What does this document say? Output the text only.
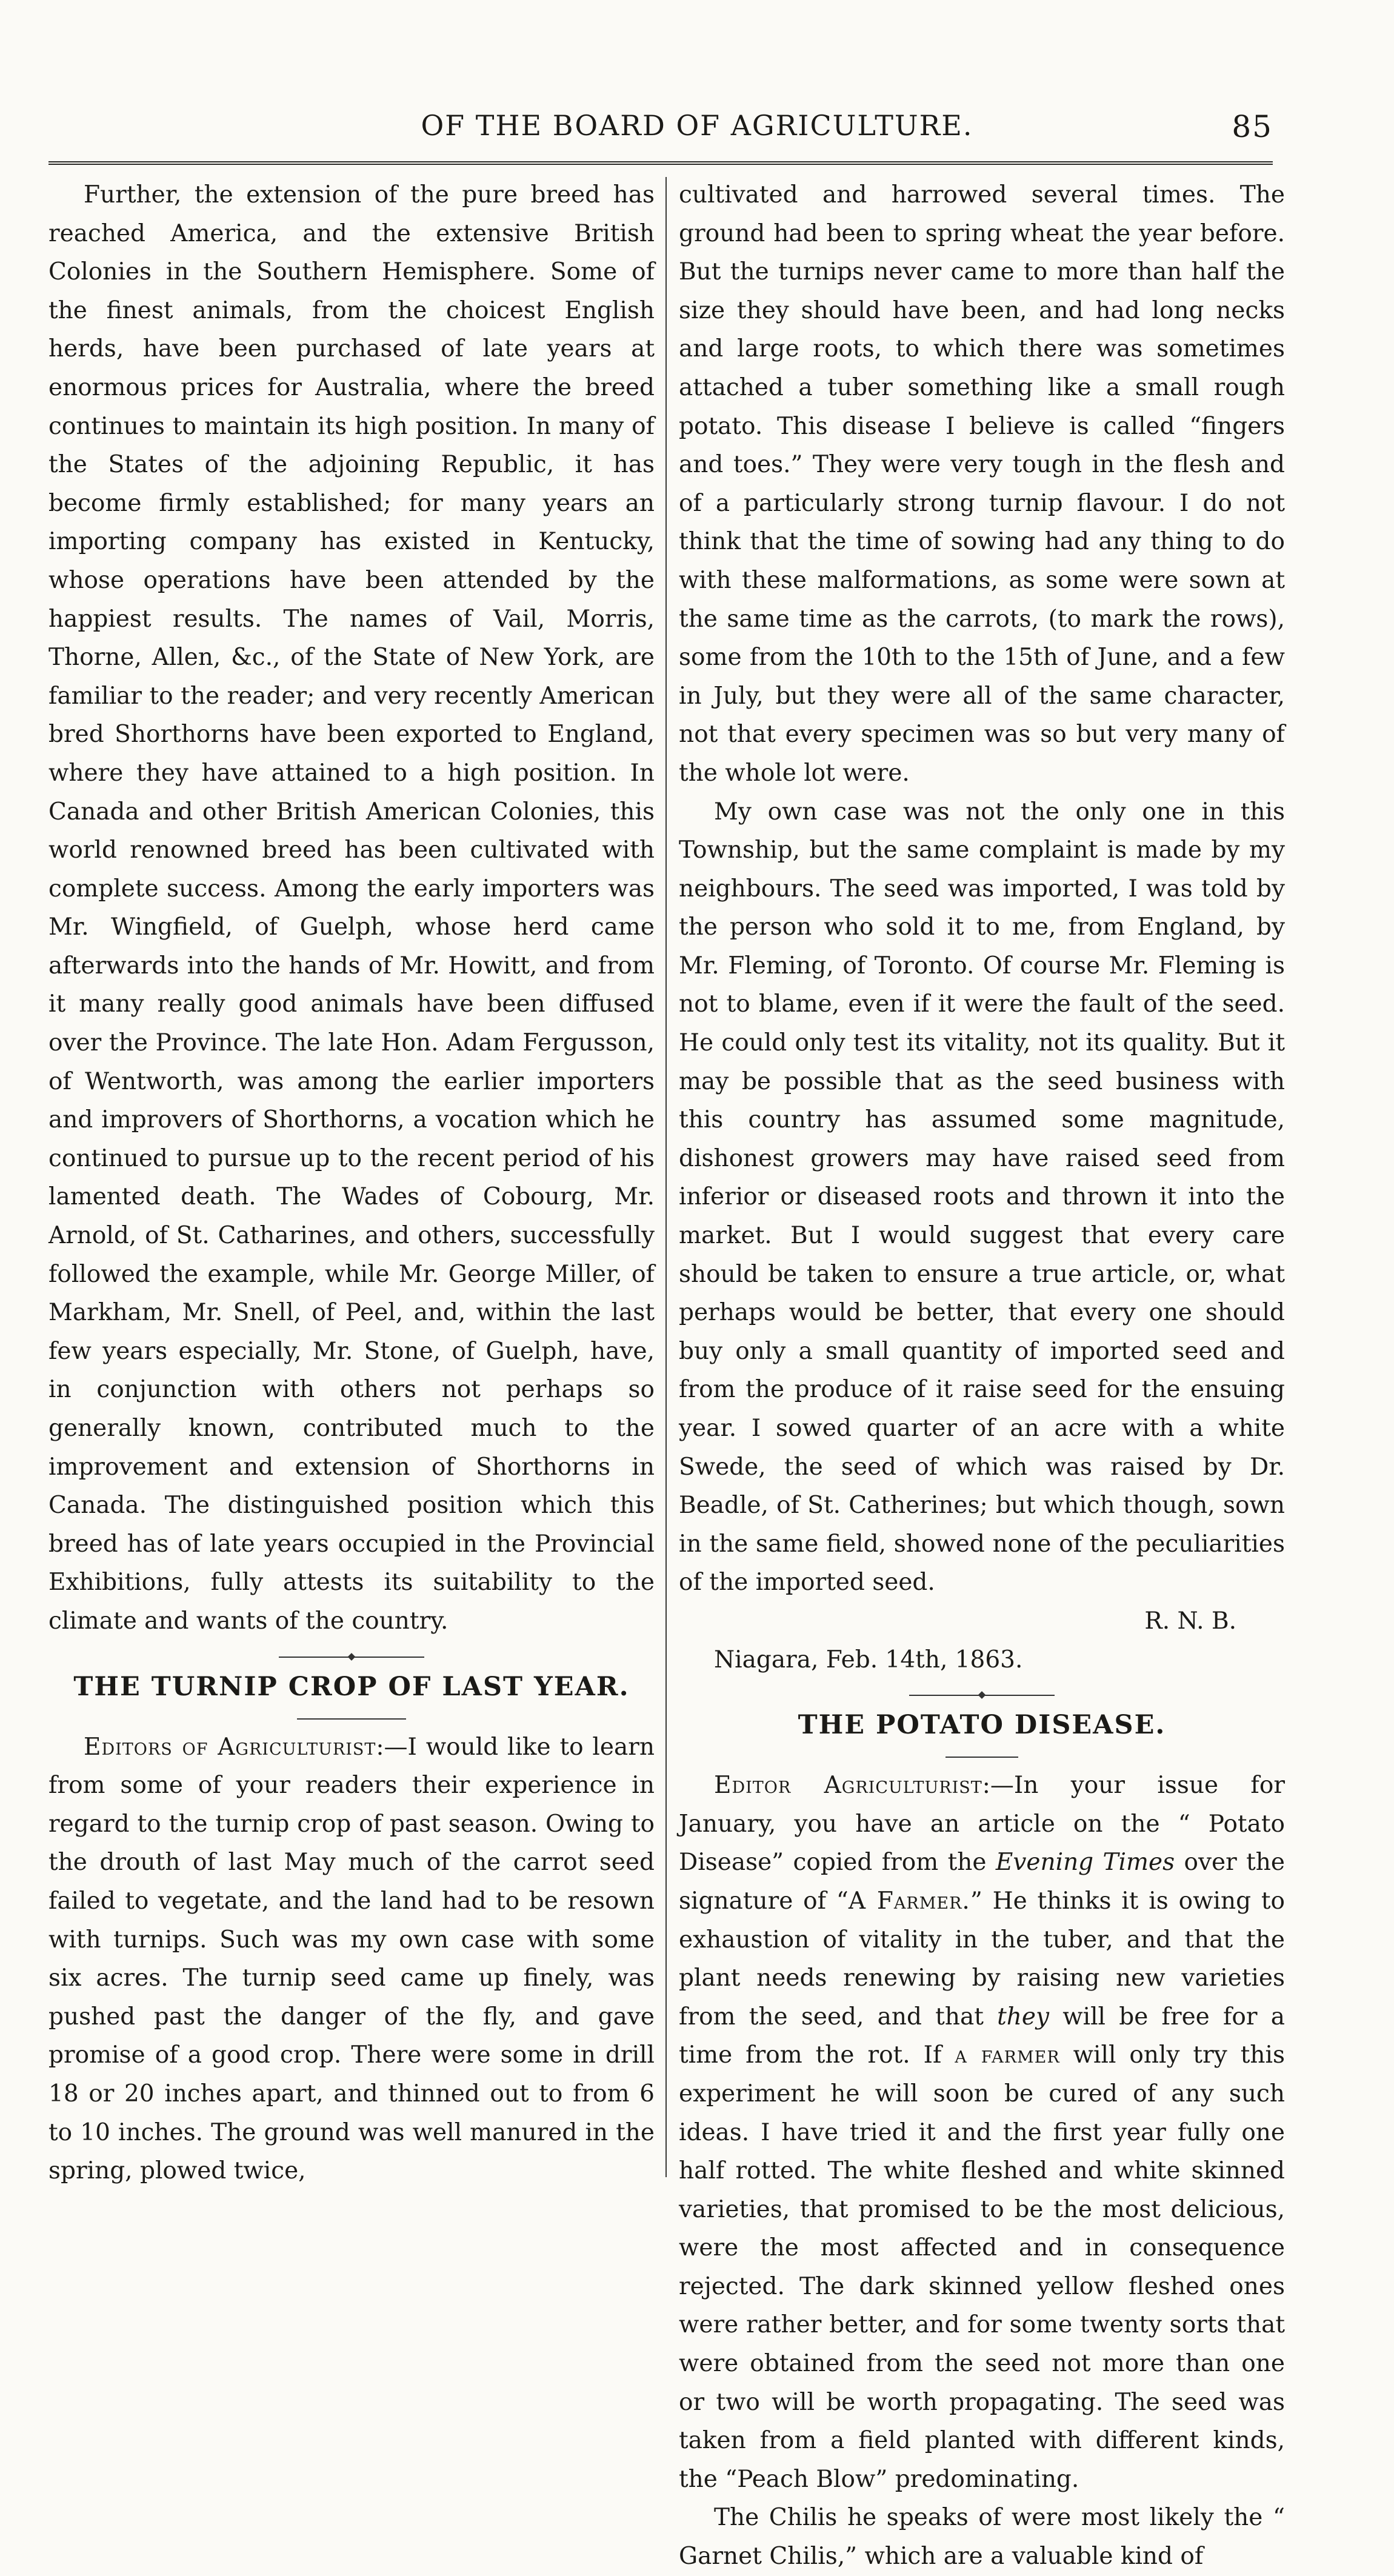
OF THE BOARD OF AGRICULTURE.	85

Further, the extension of the pure breed has reached America, and the extensive British Colonies in the Southern Hemisphere. Some of the finest animals, from the choicest English herds, have been purchased of late years at enormous prices for Australia, where the breed continues to maintain its high position. In many of the States of the adjoining Republic, it has become firmly established; for many years an importing company has existed in Kentucky, whose operations have been attended by the happiest results. The names of Vail, Morris, Thorne, Allen, &c., of the State of New York, are familiar to the reader; and very recently American bred Shorthorns have been exported to England, where they have attained to a high position. In Canada and other British American Colonies, this world renowned breed has been cultivated with complete success. Among the early importers was Mr. Wingfield, of Guelph, whose herd came afterwards into the hands of Mr. Howitt, and from it many really good animals have been diffused over the Province. The late Hon. Adam Fergusson, of Wentworth, was among the earlier importers and improvers of Shorthorns, a vocation which he continued to pursue up to the recent period of his lamented death. The Wades of Cobourg, Mr. Arnold, of St. Catharines, and others, successfully followed the example, while Mr. George Miller, of Markham, Mr. Snell, of Peel, and, within the last few years especially, Mr. Stone, of Guelph, have, in conjunction with others not perhaps so generally known, contributed much to the improvement and extension of Shorthorns in Canada. The distinguished position which this breed has of late years occupied in the Provincial Exhibitions, fully attests its suitability to the climate and wants of the country.

THE TURNIP CROP OF LAST YEAR.

Editors of Agriculturist:—I would like to learn from some of your readers their experience in regard to the turnip crop of past season. Owing to the drouth of last May much of the carrot seed failed to vegetate, and the land had to be resown with turnips. Such was my own case with some six acres. The turnip seed came up finely, was pushed past the danger of the fly, and gave promise of a good crop. There were some in drill 18 or 20 inches apart, and thinned out to from 6 to 10 inches. The ground was well manured in the spring, plowed twice,

cultivated and harrowed several times. The ground had been to spring wheat the year before. But the turnips never came to more than half the size they should have been, and had long necks and large roots, to which there was sometimes attached a tuber something like a small rough potato. This disease I believe is called “fingers and toes.” They were very tough in the flesh and of a particularly strong turnip flavour. I do not think that the time of sowing had any thing to do with these malformations, as some were sown at the same time as the carrots, (to mark the rows), some from the 10th to the 15th of June, and a few in July, but they were all of the same character, not that every specimen was so but very many of the whole lot were.

My own case was not the only one in this Township, but the same complaint is made by my neighbours. The seed was imported, I was told by the person who sold it to me, from England, by Mr. Fleming, of Toronto. Of course Mr. Fleming is not to blame, even if it were the fault of the seed. He could only test its vitality, not its quality. But it may be possible that as the seed business with this country has assumed some magnitude, dishonest growers may have raised seed from inferior or diseased roots and thrown it into the market. But I would suggest that every care should be taken to ensure a true article, or, what perhaps would be better, that every one should buy only a small quantity of imported seed and from the produce of it raise seed for the ensuing year. I sowed quarter of an acre with a white Swede, the seed of which was raised by Dr. Beadle, of St. Catherines; but which though, sown in the same field, showed none of the peculiarities of the imported seed.

R. N. B.

Niagara, Feb. 14th, 1863.

THE POTATO DISEASE.

Editor Agriculturist:—In your issue for January, you have an article on the “ Potato Disease” copied from the Evening Times over the signature of “A Farmer.” He thinks it is owing to exhaustion of vitality in the tuber, and that the plant needs renewing by raising new varieties from the seed, and that they will be free for a time from the rot. If a farmer will only try this experiment he will soon be cured of any such ideas. I have tried it and the first year fully one half rotted. The white fleshed and white skinned varieties, that promised to be the most delicious, were the most affected and in consequence rejected. The dark skinned yellow fleshed ones were rather better, and for some twenty sorts that were obtained from the seed not more than one or two will be worth propagating. The seed was taken from a field planted with different kinds, the “Peach Blow” predominating.

The Chilis he speaks of were most likely the “ Garnet Chilis,” which are a valuable kind of
